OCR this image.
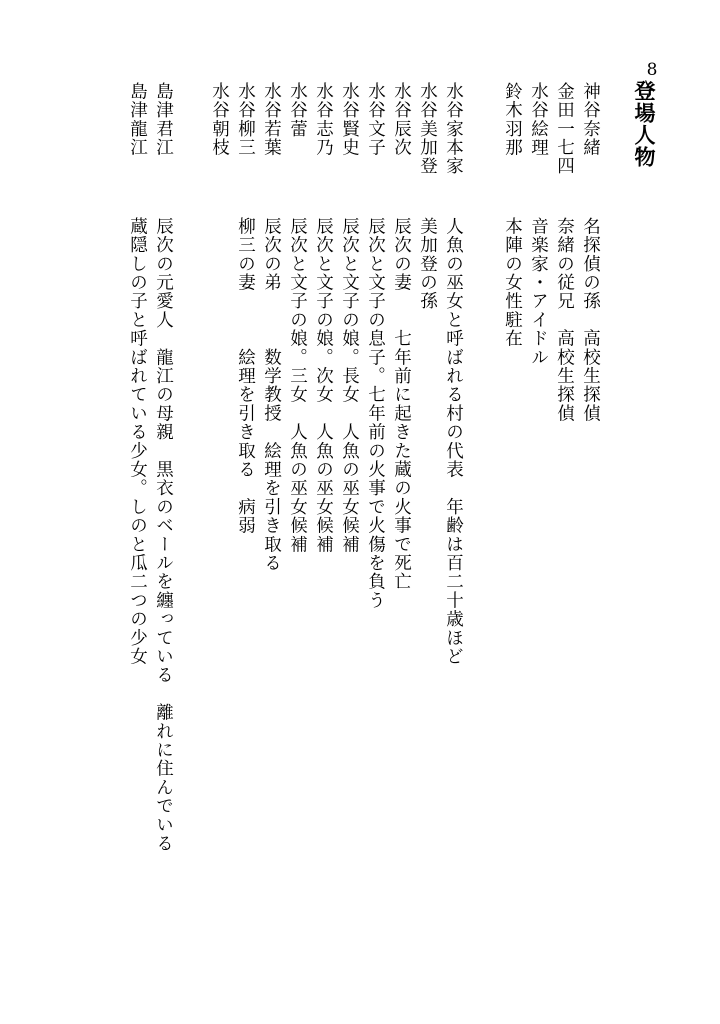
8
登場人物
神谷奈緒
金田一七四
水谷絵理
鈴木羽那
水谷家本家
水谷美加登
水谷辰次
水谷文子
水谷賢史
水谷志乃
水谷蕾
水谷若葉
水谷柳三
水谷朝枝
島津君江
島津龍江
名探偵の孫　高校生探偵
奈緒の従兄　高校生探偵
音楽家・アイドル
本陣の女性駐在
人魚の巫女と呼ばれる村の代表　年齢は百二十歳ほど
美加登の孫
辰次の妻　　七年前に起きた蔵の火事で死亡
辰次と文子の息子。七年前の火事で火傷を負う
辰次と文子の娘。長女　人魚の巫女候補
辰次と文子の娘。次女　人魚の巫女候補
辰次と文子の娘。三女　人魚の巫女候補
辰次の弟　　　数学教授　絵理を引き取る
柳三の妻　　　絵理を引き取る　病弱
辰次の元愛人　龍江の母親　黒衣のベールを纏っている　離れに住んでいる
蔵隠しの子と呼ばれている少女。しのと瓜二つの少女
